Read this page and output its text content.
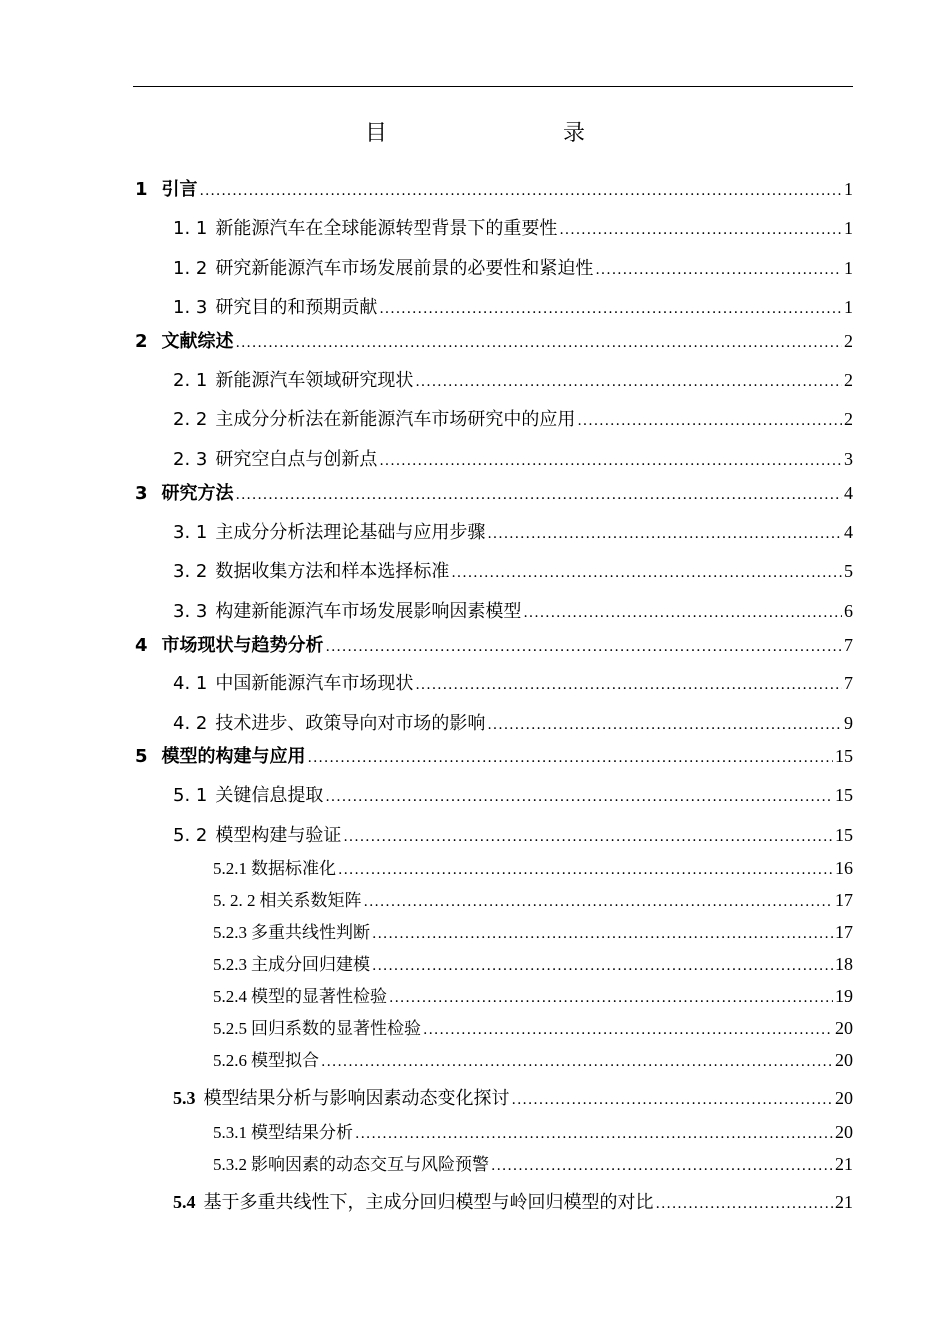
目　　录
1 引言 .....	1
1. 1 新能源汽车在全球能源转型背景下的重要性 .....	1
1. 2 研究新能源汽车市场发展前景的必要性和紧迫性 .....	1
1. 3 研究目的和预期贡献 .....	1
2 文献综述 .....	2
2. 1 新能源汽车领域研究现状 .....	2
2. 2 主成分分析法在新能源汽车市场研究中的应用 .....	2
2. 3 研究空白点与创新点 .....	3
3 研究方法 .....	4
3. 1 主成分分析法理论基础与应用步骤 .....	4
3. 2 数据收集方法和样本选择标准 .....	5
3. 3 构建新能源汽车市场发展影响因素模型 .....	6
4 市场现状与趋势分析 .....	7
4. 1 中国新能源汽车市场现状 .....	7
4. 2 技术进步、政策导向对市场的影响 .....	9
5 模型的构建与应用 .....	15
5. 1 关键信息提取 .....	15
5. 2 模型构建与验证 .....	15
5.2.1 数据标准化 .....	16
5. 2. 2 相关系数矩阵 .....	17
5.2.3 多重共线性判断 .....	17
5.2.3 主成分回归建模 .....	18
5.2.4 模型的显著性检验 .....	19
5.2.5 回归系数的显著性检验 .....	20
5.2.6 模型拟合 .....	20
5.3 模型结果分析与影响因素动态变化探讨 .....	20
5.3.1 模型结果分析 .....	20
5.3.2 影响因素的动态交互与风险预警 .....	21
5.4 基于多重共线性下，主成分回归模型与岭回归模型的对比 .....	21
